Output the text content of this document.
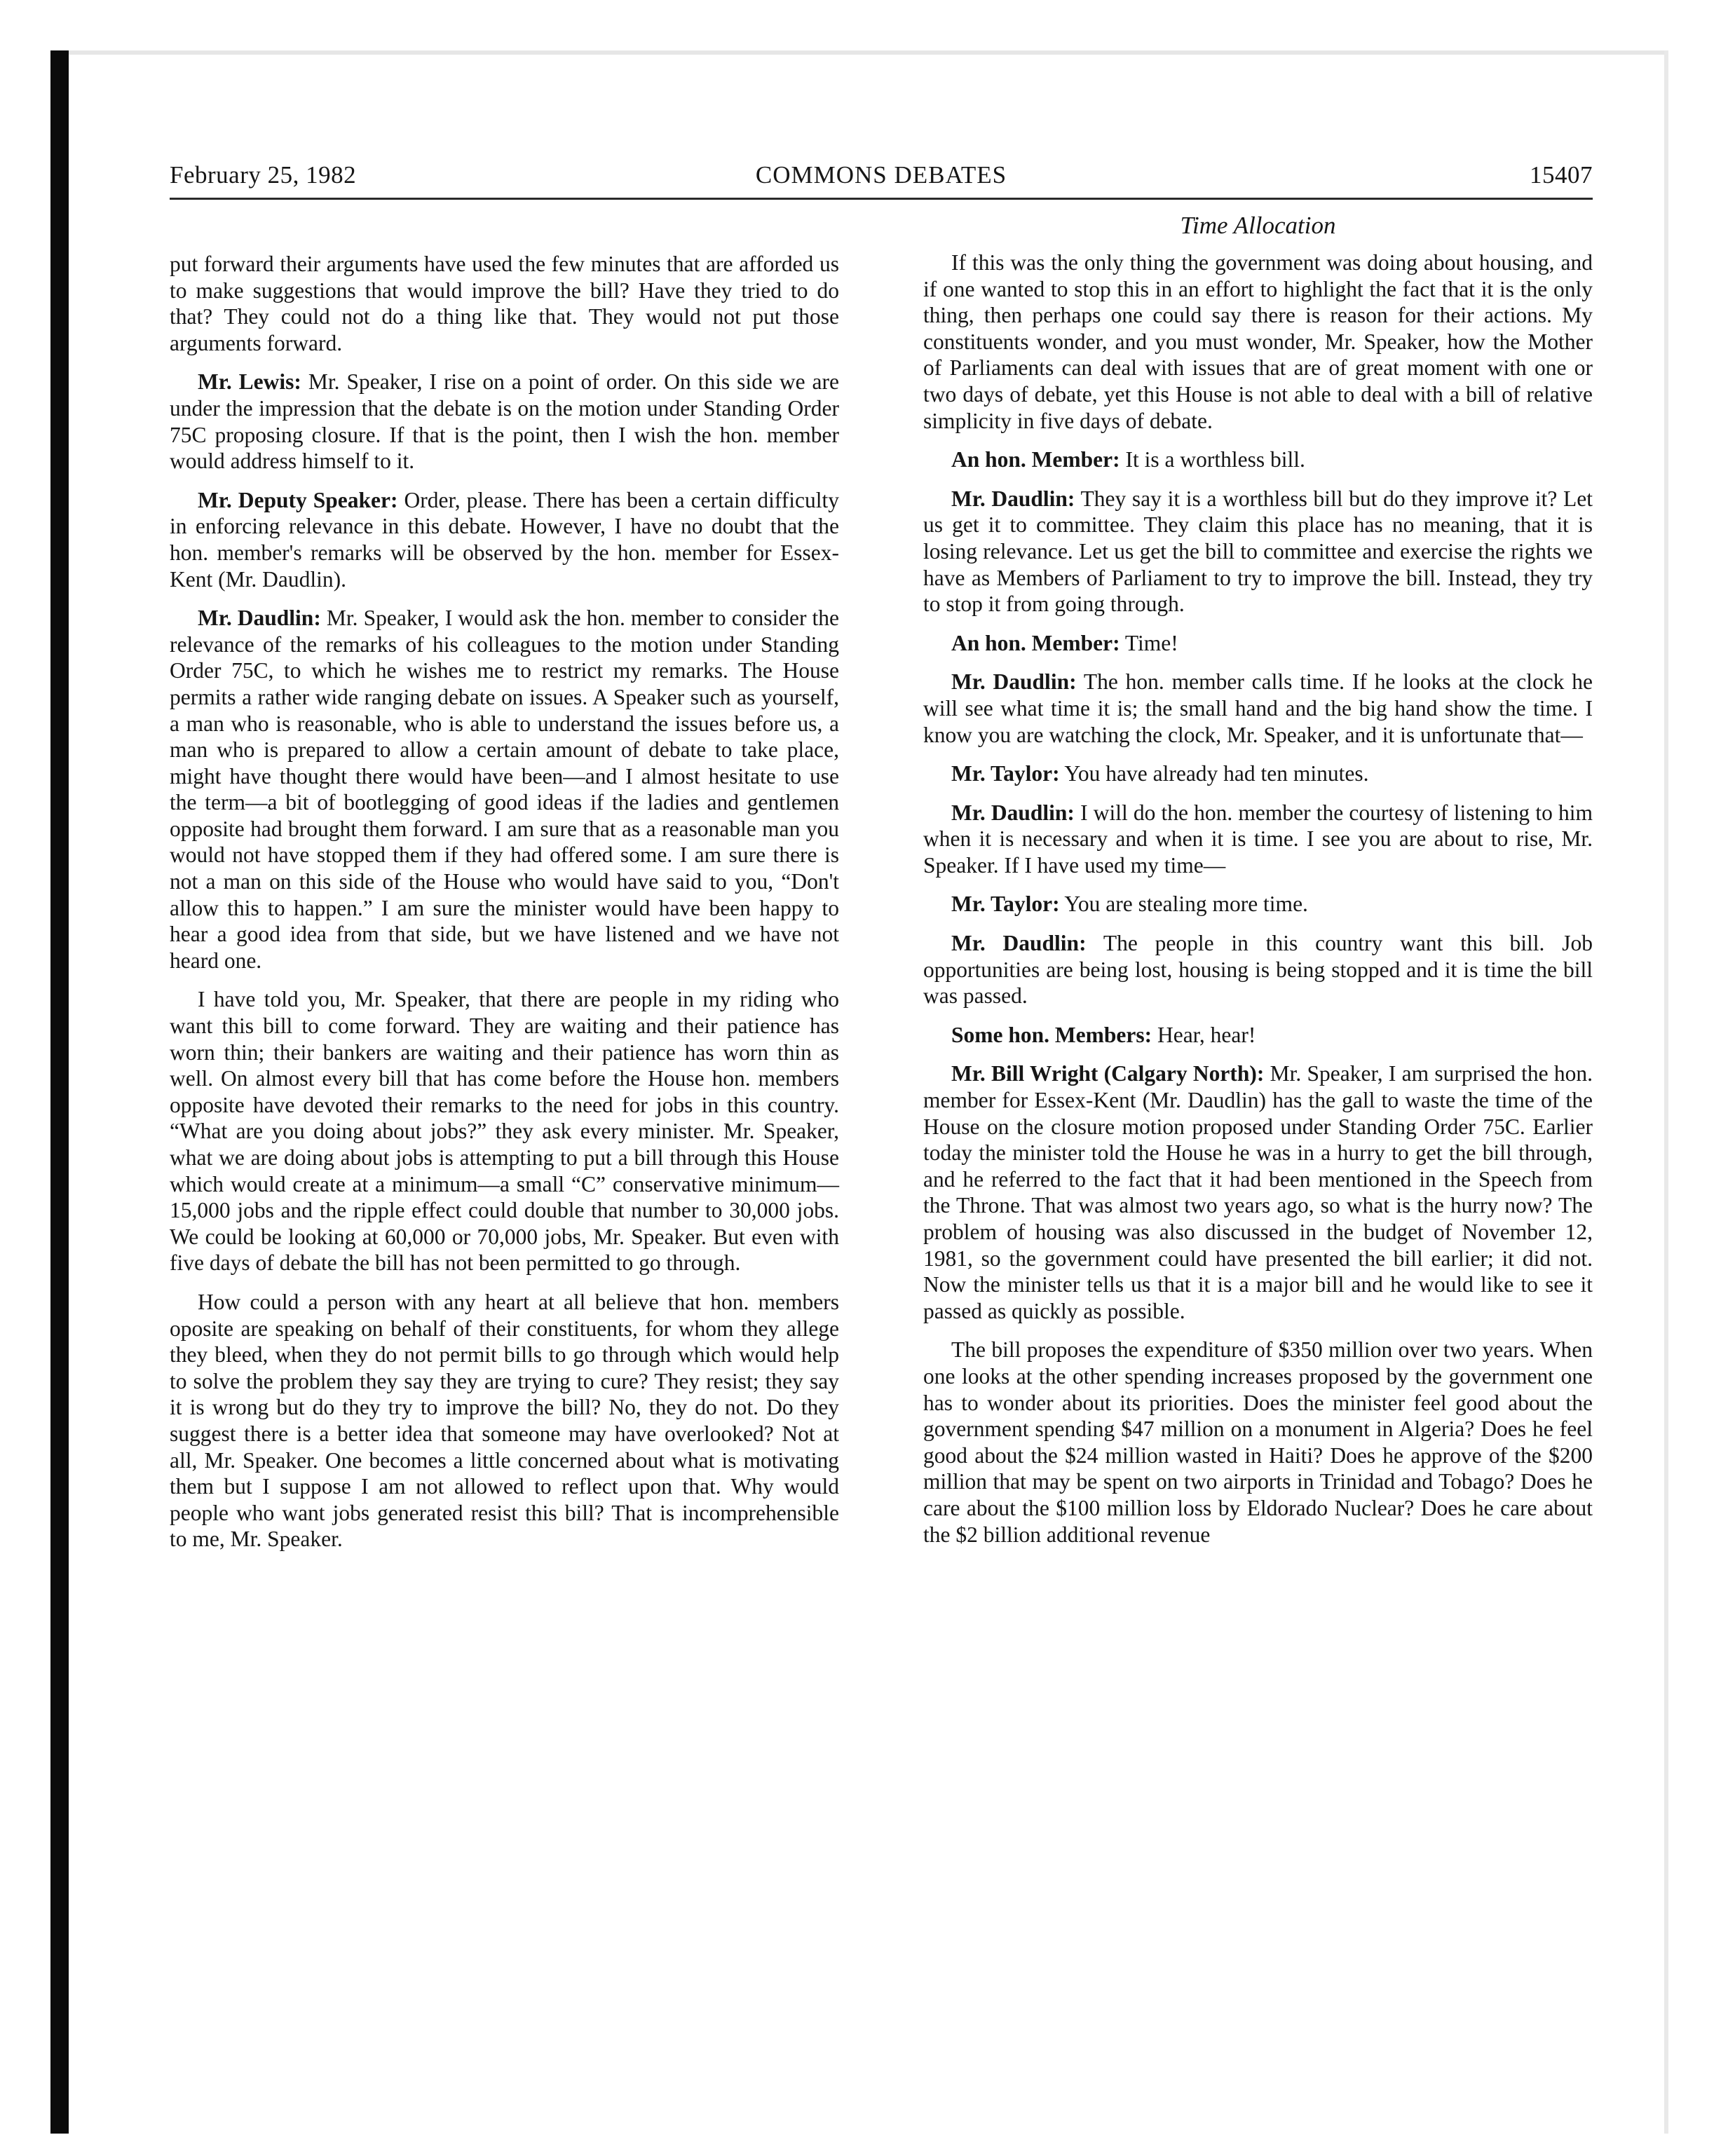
February 25, 1982	COMMONS DEBATES	15407
Time Allocation

put forward their arguments have used the few minutes that are afforded us to make suggestions that would improve the bill? Have they tried to do that? They could not do a thing like that. They would not put those arguments forward.

Mr. Lewis: Mr. Speaker, I rise on a point of order. On this side we are under the impression that the debate is on the motion under Standing Order 75C proposing closure. If that is the point, then I wish the hon. member would address himself to it.

Mr. Deputy Speaker: Order, please. There has been a certain difficulty in enforcing relevance in this debate. However, I have no doubt that the hon. member's remarks will be observed by the hon. member for Essex-Kent (Mr. Daudlin).

Mr. Daudlin: Mr. Speaker, I would ask the hon. member to consider the relevance of the remarks of his colleagues to the motion under Standing Order 75C, to which he wishes me to restrict my remarks. The House permits a rather wide ranging debate on issues. A Speaker such as yourself, a man who is reasonable, who is able to understand the issues before us, a man who is prepared to allow a certain amount of debate to take place, might have thought there would have been—and I almost hesitate to use the term—a bit of bootlegging of good ideas if the ladies and gentlemen opposite had brought them forward. I am sure that as a reasonable man you would not have stopped them if they had offered some. I am sure there is not a man on this side of the House who would have said to you, “Don't allow this to happen.” I am sure the minister would have been happy to hear a good idea from that side, but we have listened and we have not heard one.

I have told you, Mr. Speaker, that there are people in my riding who want this bill to come forward. They are waiting and their patience has worn thin; their bankers are waiting and their patience has worn thin as well. On almost every bill that has come before the House hon. members opposite have devoted their remarks to the need for jobs in this country. “What are you doing about jobs?” they ask every minister. Mr. Speaker, what we are doing about jobs is attempting to put a bill through this House which would create at a minimum—a small “C” conservative minimum—15,000 jobs and the ripple effect could double that number to 30,000 jobs. We could be looking at 60,000 or 70,000 jobs, Mr. Speaker. But even with five days of debate the bill has not been permitted to go through.

How could a person with any heart at all believe that hon. members oposite are speaking on behalf of their constituents, for whom they allege they bleed, when they do not permit bills to go through which would help to solve the problem they say they are trying to cure? They resist; they say it is wrong but do they try to improve the bill? No, they do not. Do they suggest there is a better idea that someone may have overlooked? Not at all, Mr. Speaker. One becomes a little concerned about what is motivating them but I suppose I am not allowed to reflect upon that. Why would people who want jobs generated resist this bill? That is incomprehensible to me, Mr. Speaker.

If this was the only thing the government was doing about housing, and if one wanted to stop this in an effort to highlight the fact that it is the only thing, then perhaps one could say there is reason for their actions. My constituents wonder, and you must wonder, Mr. Speaker, how the Mother of Parliaments can deal with issues that are of great moment with one or two days of debate, yet this House is not able to deal with a bill of relative simplicity in five days of debate.

An hon. Member: It is a worthless bill.

Mr. Daudlin: They say it is a worthless bill but do they improve it? Let us get it to committee. They claim this place has no meaning, that it is losing relevance. Let us get the bill to committee and exercise the rights we have as Members of Parliament to try to improve the bill. Instead, they try to stop it from going through.

An hon. Member: Time!

Mr. Daudlin: The hon. member calls time. If he looks at the clock he will see what time it is; the small hand and the big hand show the time. I know you are watching the clock, Mr. Speaker, and it is unfortunate that—

Mr. Taylor: You have already had ten minutes.

Mr. Daudlin: I will do the hon. member the courtesy of listening to him when it is necessary and when it is time. I see you are about to rise, Mr. Speaker. If I have used my time—

Mr. Taylor: You are stealing more time.

Mr. Daudlin: The people in this country want this bill. Job opportunities are being lost, housing is being stopped and it is time the bill was passed.

Some hon. Members: Hear, hear!

Mr. Bill Wright (Calgary North): Mr. Speaker, I am surprised the hon. member for Essex-Kent (Mr. Daudlin) has the gall to waste the time of the House on the closure motion proposed under Standing Order 75C. Earlier today the minister told the House he was in a hurry to get the bill through, and he referred to the fact that it had been mentioned in the Speech from the Throne. That was almost two years ago, so what is the hurry now? The problem of housing was also discussed in the budget of November 12, 1981, so the government could have presented the bill earlier; it did not. Now the minister tells us that it is a major bill and he would like to see it passed as quickly as possible.

The bill proposes the expenditure of $350 million over two years. When one looks at the other spending increases proposed by the government one has to wonder about its priorities. Does the minister feel good about the government spending $47 million on a monument in Algeria? Does he feel good about the $24 million wasted in Haiti? Does he approve of the $200 million that may be spent on two airports in Trinidad and Tobago? Does he care about the $100 million loss by Eldorado Nuclear? Does he care about the $2 billion additional revenue
